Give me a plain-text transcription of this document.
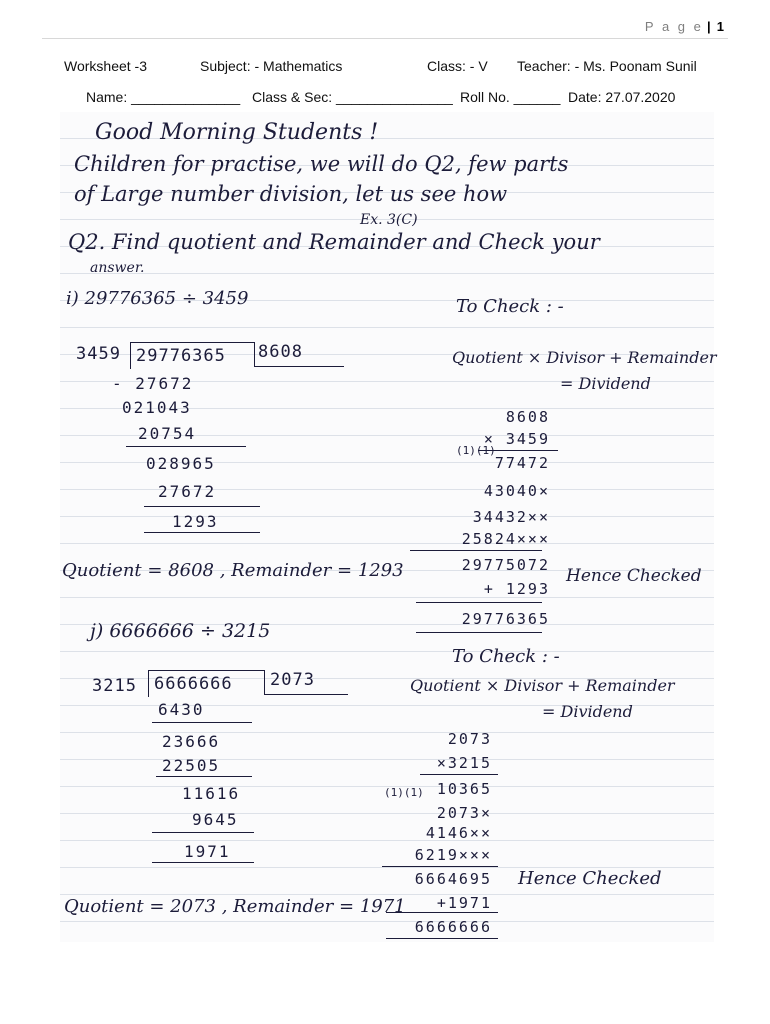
P a g e | 1
Worksheet -3	Subject: - Mathematics	Class: - V Teacher: - Ms. Poonam Sunil
Name: ______________ Class & Sec: _______________ Roll No. ______ Date: 27.07.2020
Good Morning Students !
Children for practise, we will do Q2, few parts
of Large number division, let us see how
Ex. 3(C)
Q2. Find quotient and Remainder and Check your
answer.
i) 29776365 ÷ 3459
3459 29776365 8608
- 27672
021043
20754
028965
27672
1293
Quotient = 8608 , Remainder = 1293
To Check : -
Quotient × Divisor + Remainder
= Dividend
(1)(1)
8608
× 3459
77472
43040×
34432××
25824×××
29775072
+ 1293
29776365
Hence Checked
j) 6666666 ÷ 3215
3215 6666666 2073
6430
23666
22505
11616
9645
1971
Quotient = 2073 , Remainder = 1971
To Check : -
Quotient × Divisor + Remainder
= Dividend
(1)(1)
2073
×3215
10365
2073×
4146××
6219×××
6664695
+1971
6666666
Hence Checked
